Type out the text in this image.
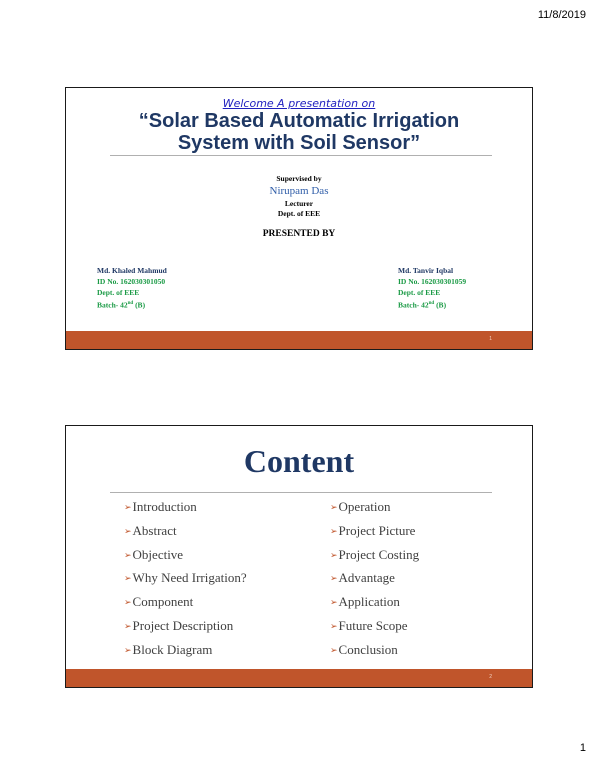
11/8/2019
Welcome A presentation on
“Solar Based Automatic Irrigation
System with Soil Sensor”
Supervised by
Nirupam Das
Lecturer
Dept. of EEE
PRESENTED BY
Md. Khaled Mahmud
ID No. 162030301050
Dept. of EEE
Batch- 42nd (B)
Md. Tanvir Iqbal
ID No. 162030301059
Dept. of EEE
Batch- 42nd (B)
1
Content
➢Introduction
➢Abstract
➢Objective
➢Why Need Irrigation?
➢Component
➢Project Description
➢Block Diagram
➢Operation
➢Project Picture
➢Project Costing
➢Advantage
➢Application
➢Future Scope
➢Conclusion
2
1
